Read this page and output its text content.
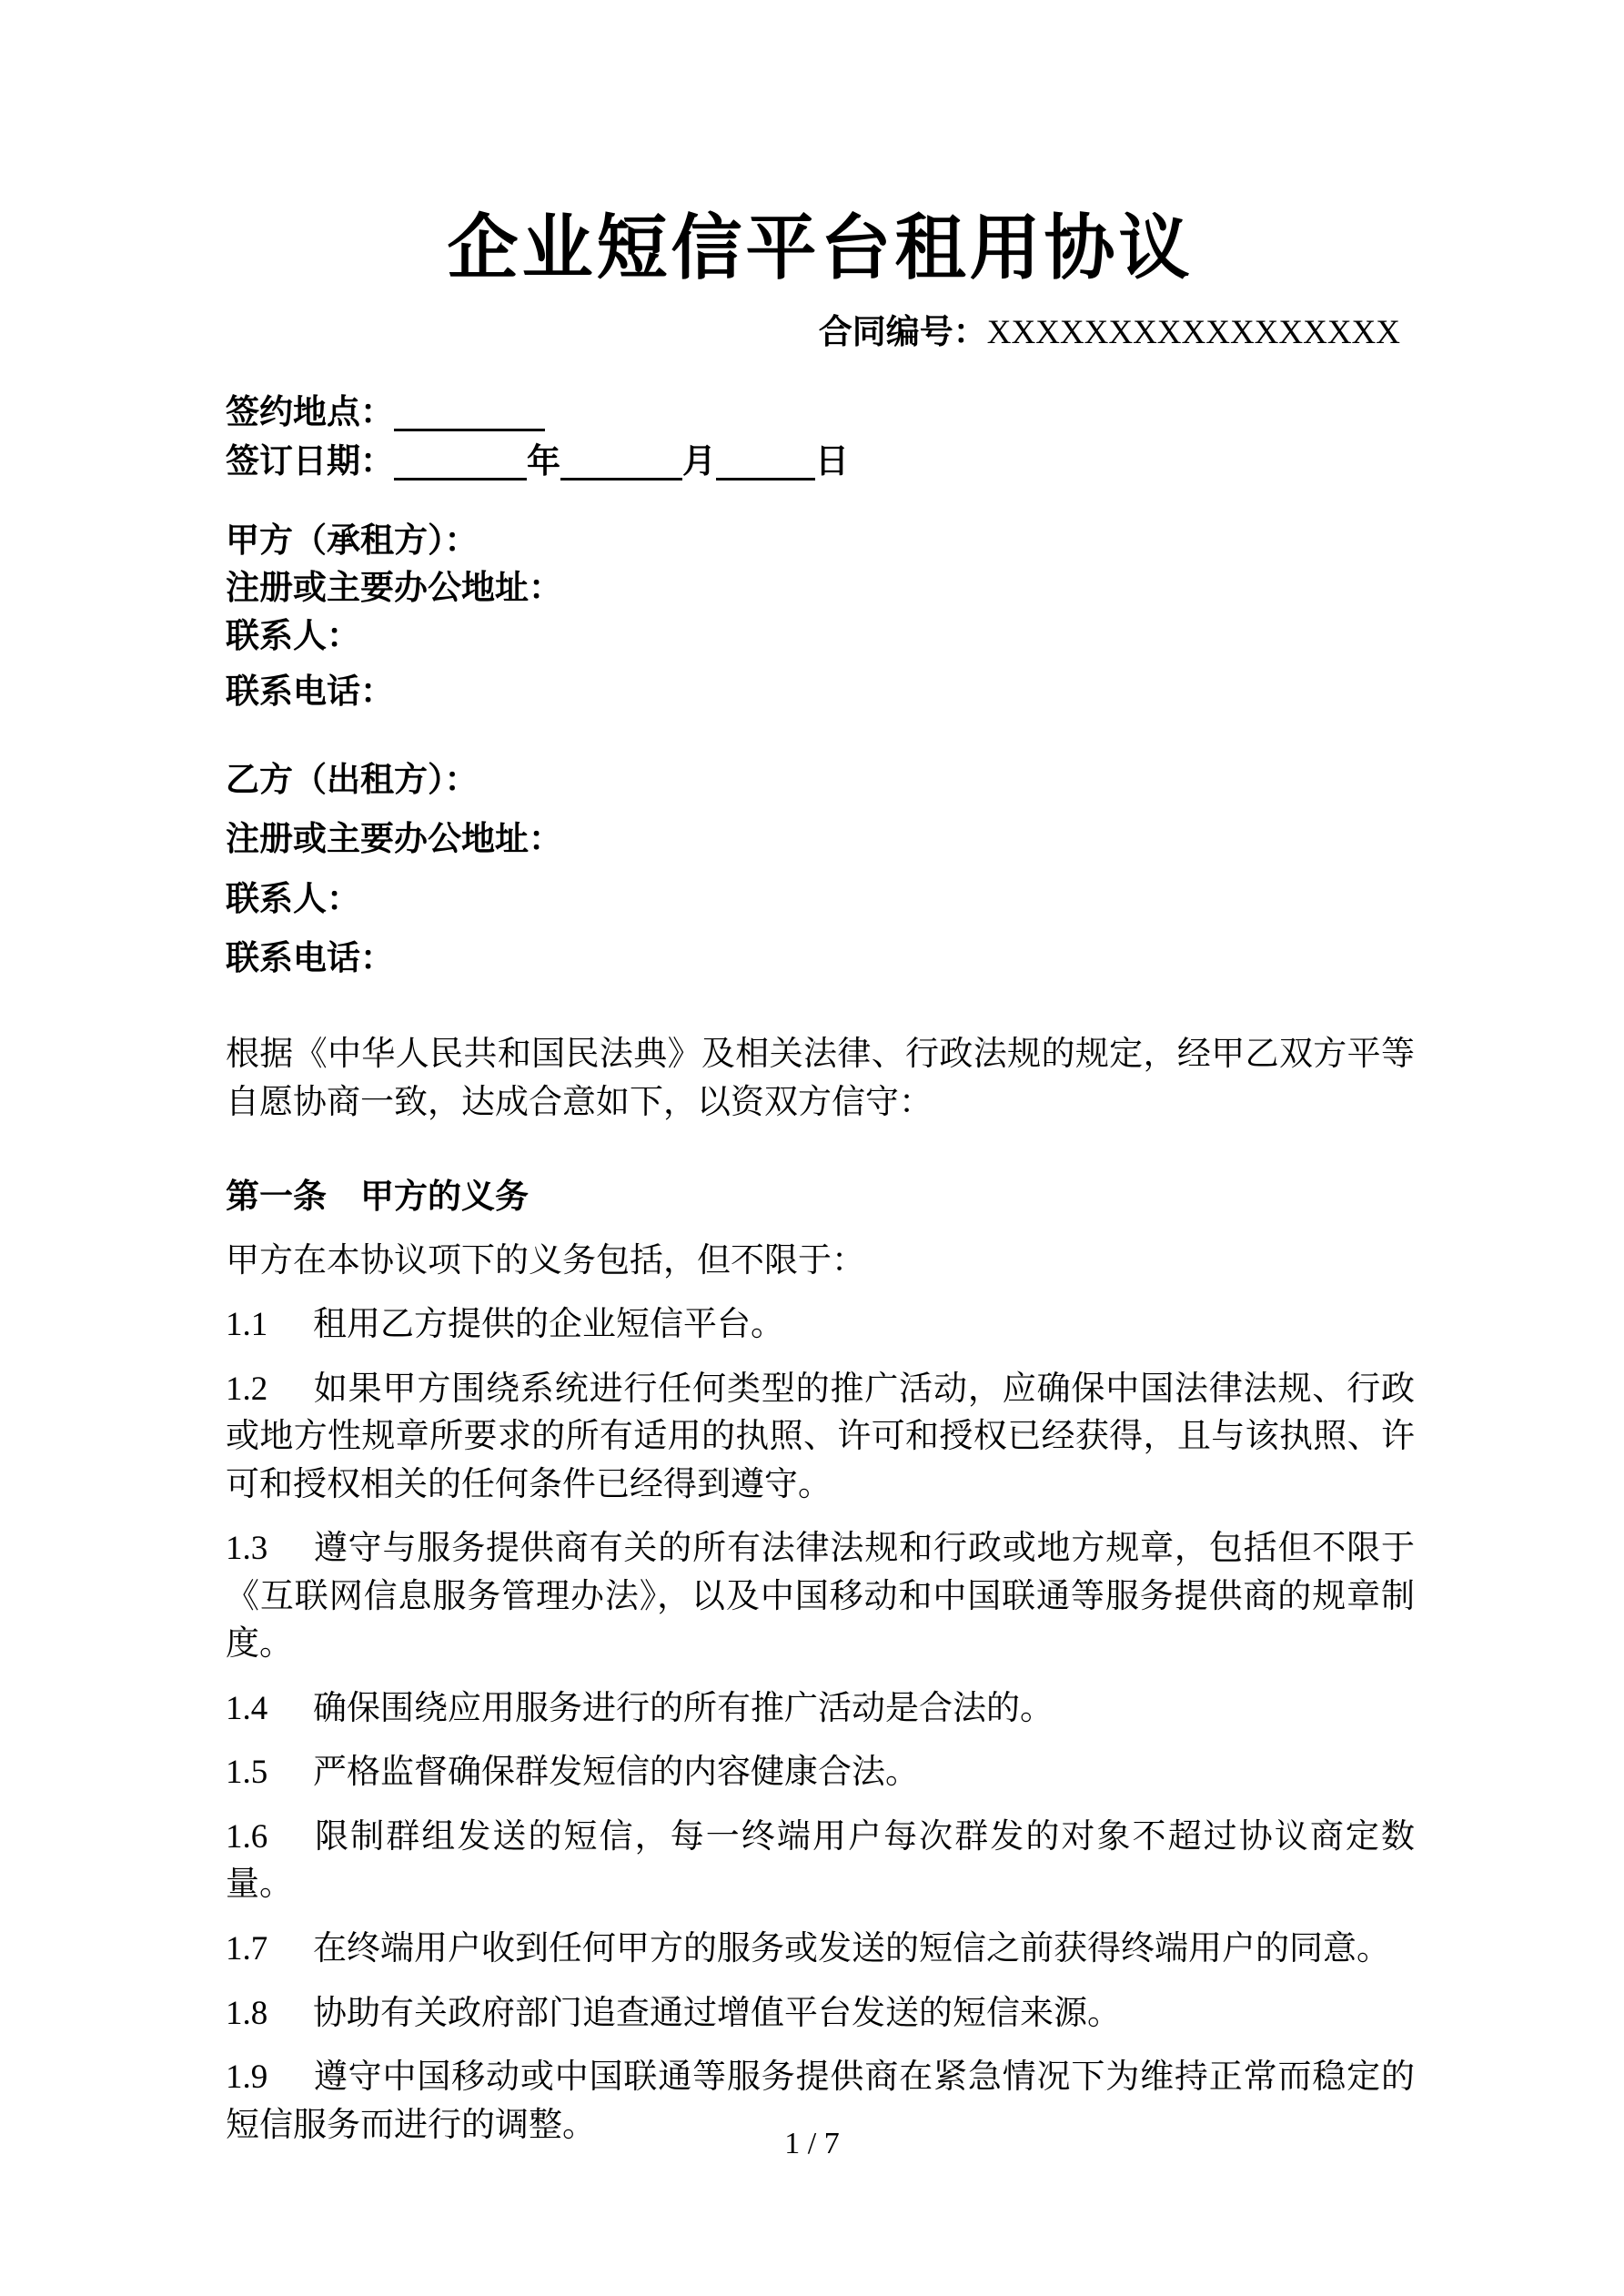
企业短信平台租用协议
合同编号：XXXXXXXXXXXXXXXXX
签约地点：
签订日期：	年	月	日

甲方（承租方）：

注册或主要办公地址：

联系人：

联系电话：

乙方（出租方）：

注册或主要办公地址：

联系人：

联系电话：

根据《中华人民共和国民法典》及相关法律、行政法规的规定，经甲乙双方平等自愿协商一致，达成合意如下，以资双方信守：

第一条　甲方的义务

甲方在本协议项下的义务包括，但不限于：

1.1 租用乙方提供的企业短信平台。

1.2 如果甲方围绕系统进行任何类型的推广活动，应确保中国法律法规、行政或地方性规章所要求的所有适用的执照、许可和授权已经获得，且与该执照、许可和授权相关的任何条件已经得到遵守。

1.3 遵守与服务提供商有关的所有法律法规和行政或地方规章，包括但不限于《互联网信息服务管理办法》，以及中国移动和中国联通等服务提供商的规章制度。

1.4 确保围绕应用服务进行的所有推广活动是合法的。

1.5 严格监督确保群发短信的内容健康合法。

1.6 限制群组发送的短信，每一终端用户每次群发的对象不超过协议商定数量。

1.7 在终端用户收到任何甲方的服务或发送的短信之前获得终端用户的同意。

1.8 协助有关政府部门追查通过增值平台发送的短信来源。

1.9 遵守中国移动或中国联通等服务提供商在紧急情况下为维持正常而稳定的短信服务而进行的调整。	1 / 7
